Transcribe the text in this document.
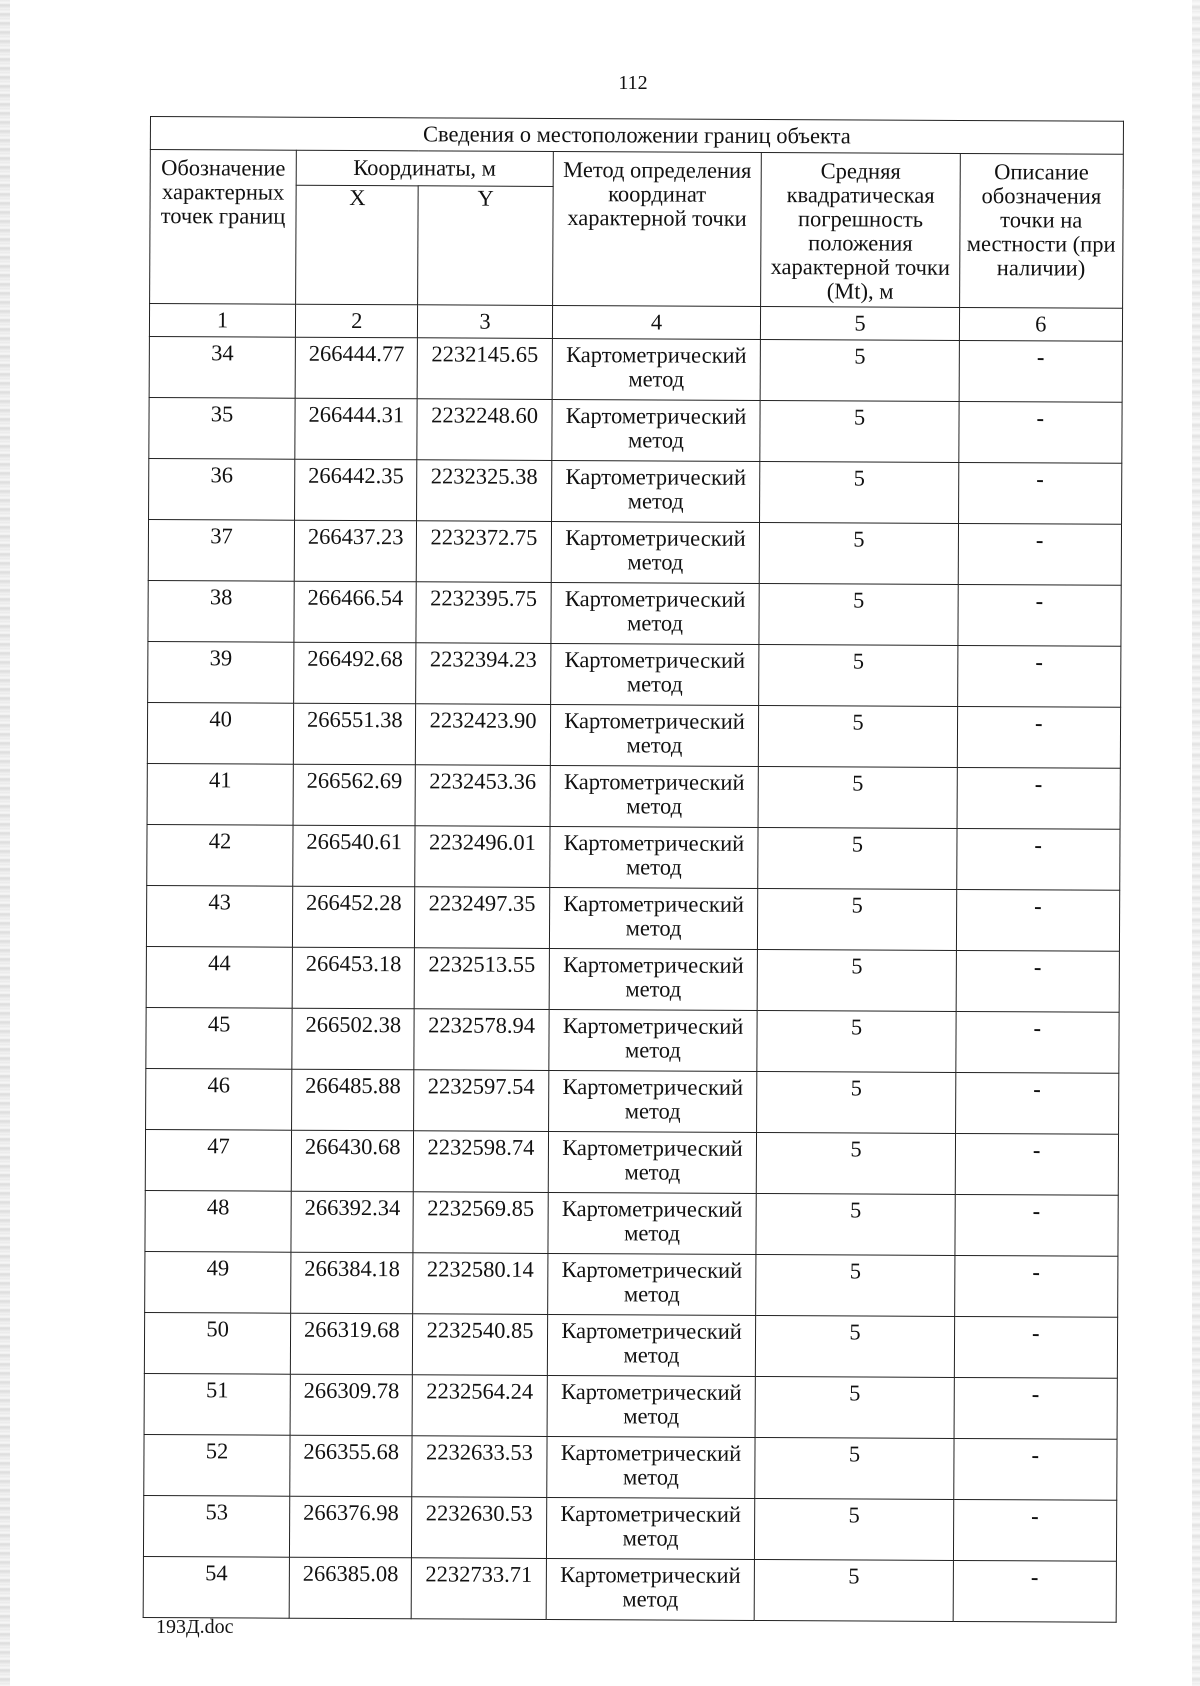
112
Сведения о местоположении границ объекта					
Обозначение характерных точек границ	Координаты, м		Метод определения координат характерной точки	Средняя квадратическая погрешность положения характерной точки (Mt), м	Описание обозначения точки на местности (при наличии)
	X	Y			
1	2	3	4	5	6
34	266444.77	2232145.65	Картометрический метод	5	-
35	266444.31	2232248.60	Картометрический метод	5	-
36	266442.35	2232325.38	Картометрический метод	5	-
37	266437.23	2232372.75	Картометрический метод	5	-
38	266466.54	2232395.75	Картометрический метод	5	-
39	266492.68	2232394.23	Картометрический метод	5	-
40	266551.38	2232423.90	Картометрический метод	5	-
41	266562.69	2232453.36	Картометрический метод	5	-
42	266540.61	2232496.01	Картометрический метод	5	-
43	266452.28	2232497.35	Картометрический метод	5	-
44	266453.18	2232513.55	Картометрический метод	5	-
45	266502.38	2232578.94	Картометрический метод	5	-
46	266485.88	2232597.54	Картометрический метод	5	-
47	266430.68	2232598.74	Картометрический метод	5	-
48	266392.34	2232569.85	Картометрический метод	5	-
49	266384.18	2232580.14	Картометрический метод	5	-
50	266319.68	2232540.85	Картометрический метод	5	-
51	266309.78	2232564.24	Картометрический метод	5	-
52	266355.68	2232633.53	Картометрический метод	5	-
53	266376.98	2232630.53	Картометрический метод	5	-
54	266385.08	2232733.71	Картометрический метод	5	-
193Д.doc
